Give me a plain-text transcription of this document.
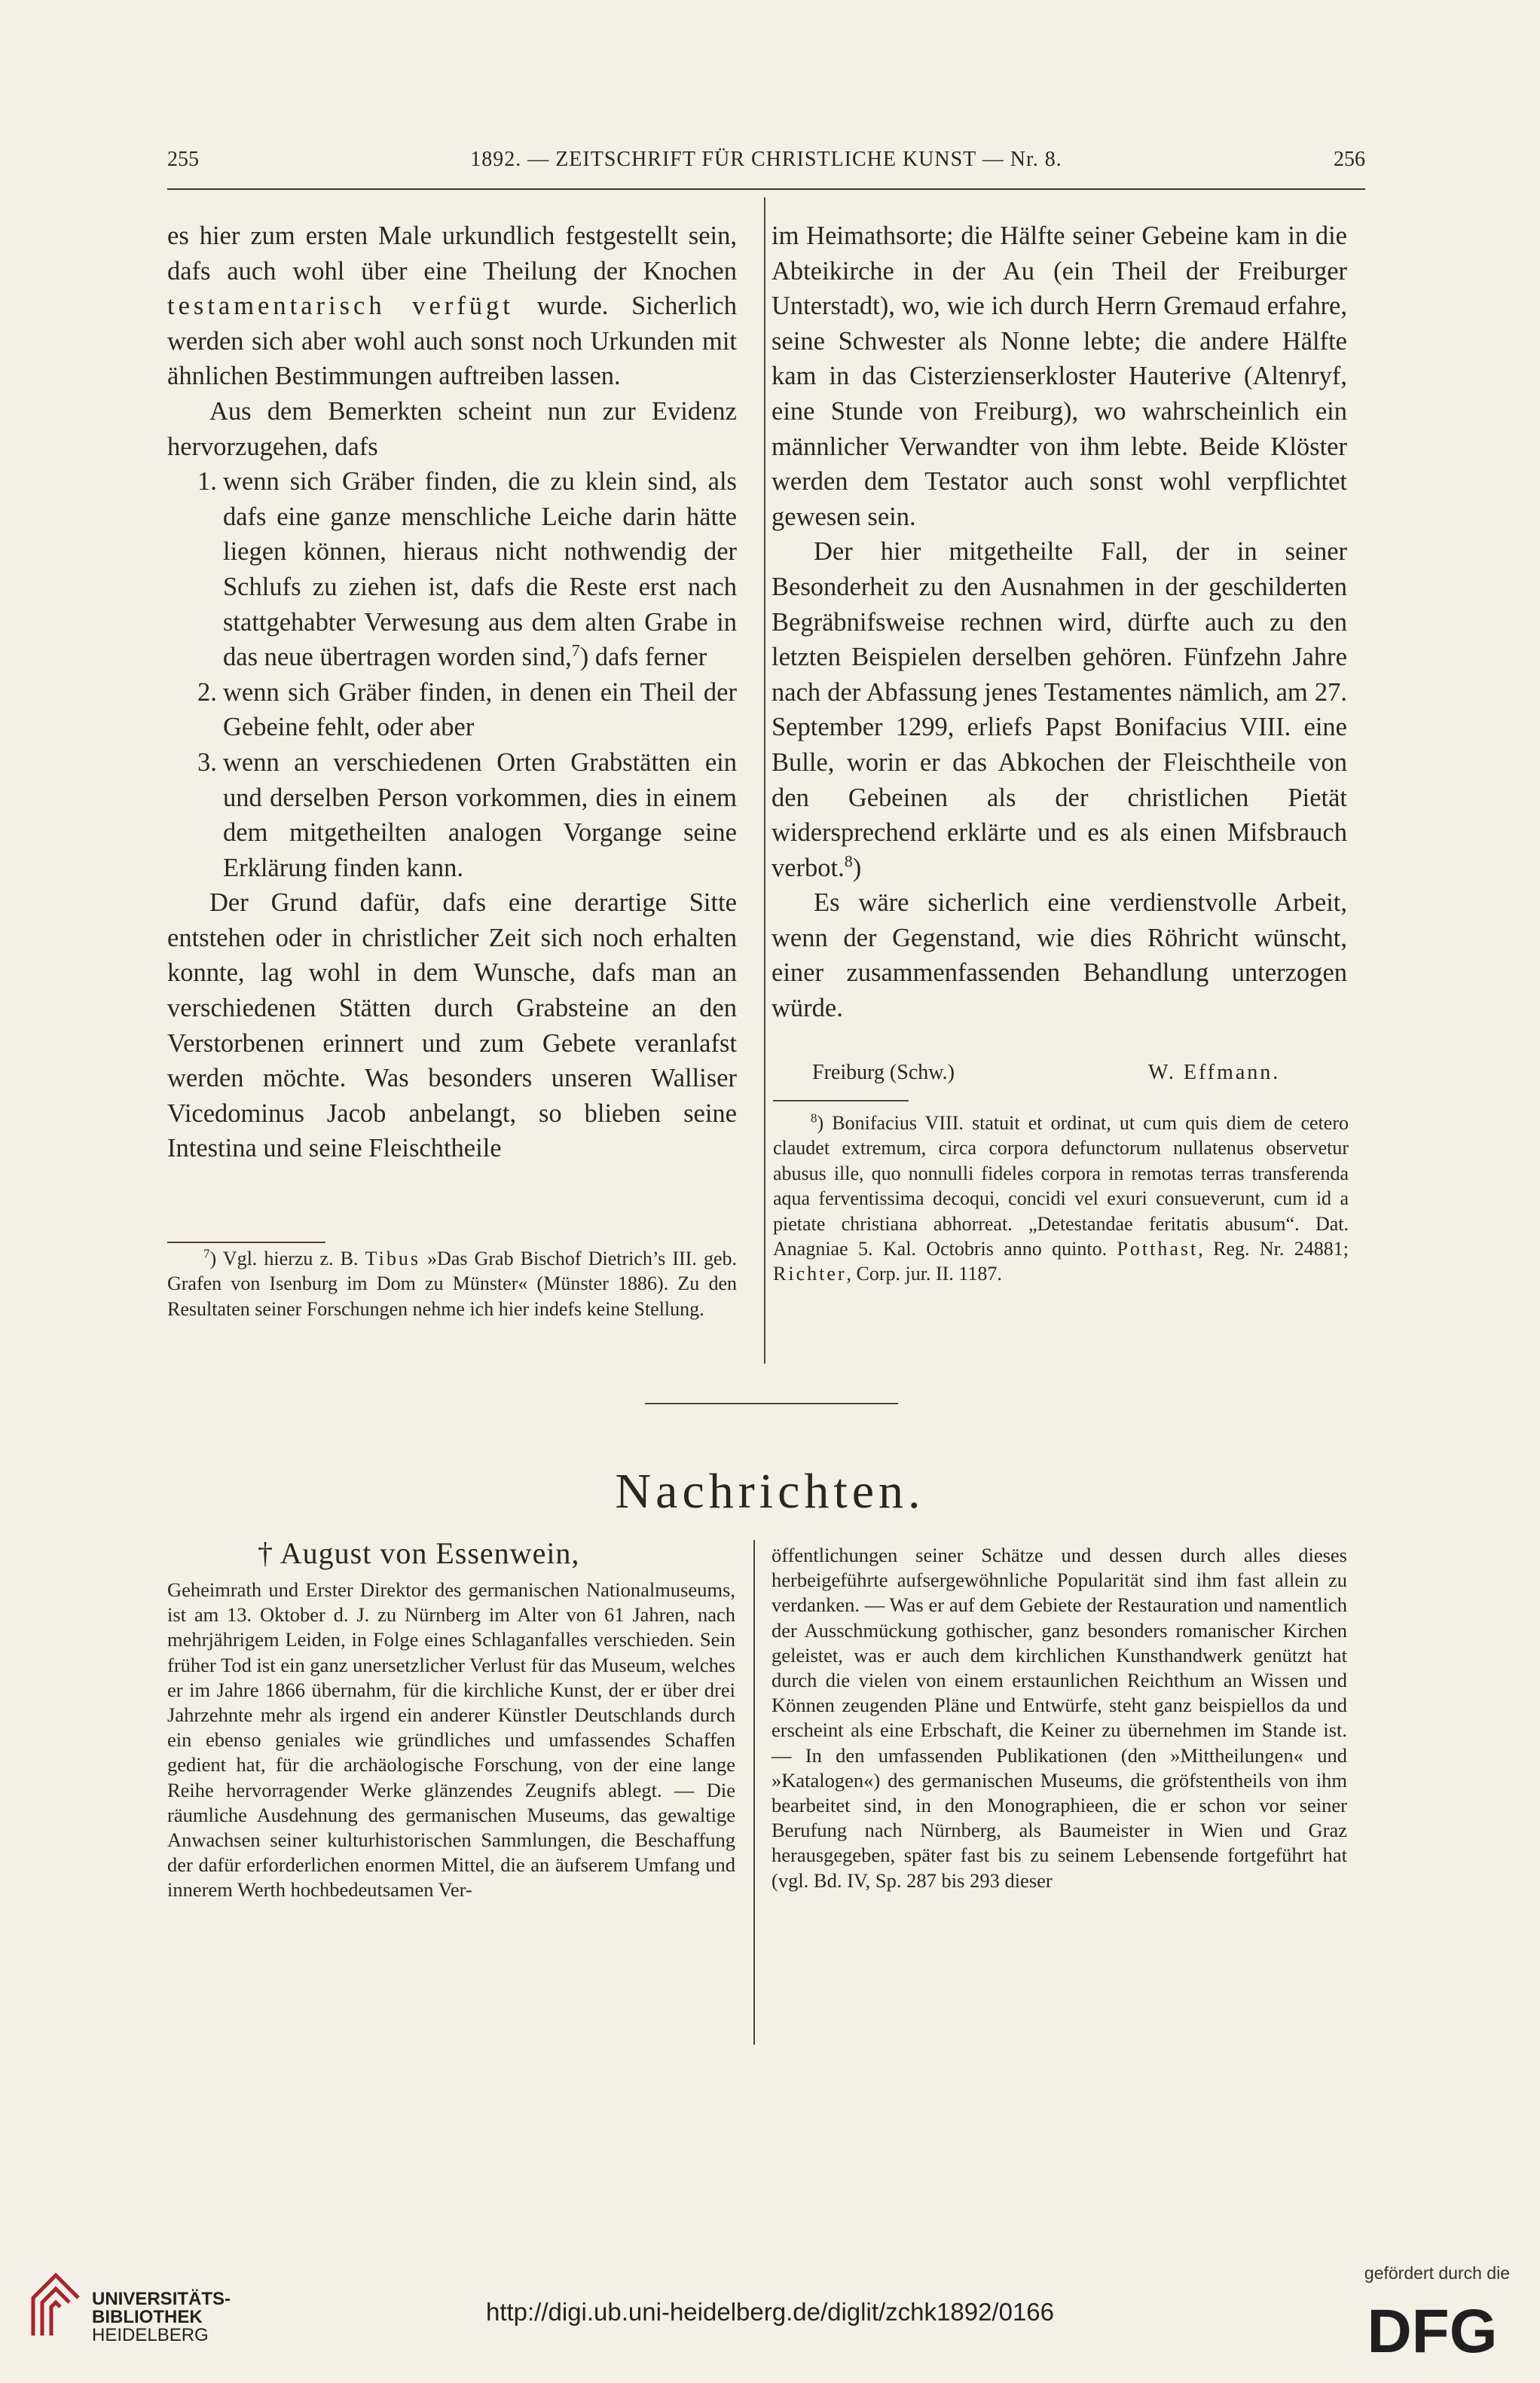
255	1892. — ZEITSCHRIFT FÜR CHRISTLICHE KUNST — Nr. 8.	256

es hier zum ersten Male urkundlich festgestellt sein, dafs auch wohl über eine Theilung der Knochen testamentarisch verfügt wurde. Sicherlich werden sich aber wohl auch sonst noch Urkunden mit ähnlichen Bestimmungen auftreiben lassen.

Aus dem Bemerkten scheint nun zur Evidenz hervorzugehen, dafs

1. wenn sich Gräber finden, die zu klein sind, als dafs eine ganze menschliche Leiche darin hätte liegen können, hieraus nicht nothwendig der Schlufs zu ziehen ist, dafs die Reste erst nach stattgehabter Verwesung aus dem alten Grabe in das neue übertragen worden sind,$^7$) dafs ferner
2. wenn sich Gräber finden, in denen ein Theil der Gebeine fehlt, oder aber
3. wenn an verschiedenen Orten Grabstätten ein und derselben Person vorkommen, dies in einem dem mitgetheilten analogen Vorgange seine Erklärung finden kann.

Der Grund dafür, dafs eine derartige Sitte entstehen oder in christlicher Zeit sich noch erhalten konnte, lag wohl in dem Wunsche, dafs man an verschiedenen Stätten durch Grabsteine an den Verstorbenen erinnert und zum Gebete veranlafst werden möchte. Was besonders unseren Walliser Vicedominus Jacob anbelangt, so blieben seine Intestina und seine Fleischtheile

$^7$) Vgl. hierzu z. B. Tibus »Das Grab Bischof Dietrich’s III. geb. Grafen von Isenburg im Dom zu Münster« (Münster 1886). Zu den Resultaten seiner Forschungen nehme ich hier indefs keine Stellung.

im Heimathsorte; die Hälfte seiner Gebeine kam in die Abteikirche in der Au (ein Theil der Freiburger Unterstadt), wo, wie ich durch Herrn Gremaud erfahre, seine Schwester als Nonne lebte; die andere Hälfte kam in das Cisterzienserkloster Hauterive (Altenryf, eine Stunde von Freiburg), wo wahrscheinlich ein männlicher Verwandter von ihm lebte. Beide Klöster werden dem Testator auch sonst wohl verpflichtet gewesen sein.

Der hier mitgetheilte Fall, der in seiner Besonderheit zu den Ausnahmen in der geschilderten Begräbnifsweise rechnen wird, dürfte auch zu den letzten Beispielen derselben gehören. Fünfzehn Jahre nach der Abfassung jenes Testamentes nämlich, am 27. September 1299, erliefs Papst Bonifacius VIII. eine Bulle, worin er das Abkochen der Fleischtheile von den Gebeinen als der christlichen Pietät widersprechend erklärte und es als einen Mifsbrauch verbot.$^8$)

Es wäre sicherlich eine verdienstvolle Arbeit, wenn der Gegenstand, wie dies Röhricht wünscht, einer zusammenfassenden Behandlung unterzogen würde.

Freiburg (Schw.)	W. Effmann.

$^8$) Bonifacius VIII. statuit et ordinat, ut cum quis diem de cetero claudet extremum, circa corpora defunctorum nullatenus observetur abusus ille, quo nonnulli fideles corpora in remotas terras transferenda aqua ferventissima decoqui, concidi vel exuri consueverunt, cum id a pietate christiana abhorreat. „Detestandae feritatis abusum“. Dat. Anagniae 5. Kal. Octobris anno quinto. Potthast, Reg. Nr. 24881; Richter, Corp. jur. II. 1187.

Nachrichten.
† August von Essenwein,

Geheimrath und Erster Direktor des germanischen Nationalmuseums, ist am 13. Oktober d. J. zu Nürnberg im Alter von 61 Jahren, nach mehrjährigem Leiden, in Folge eines Schlaganfalles verschieden. Sein früher Tod ist ein ganz unersetzlicher Verlust für das Museum, welches er im Jahre 1866 übernahm, für die kirchliche Kunst, der er über drei Jahrzehnte mehr als irgend ein anderer Künstler Deutschlands durch ein ebenso geniales wie gründliches und umfassendes Schaffen gedient hat, für die archäologische Forschung, von der eine lange Reihe hervorragender Werke glänzendes Zeugnifs ablegt. — Die räumliche Ausdehnung des germanischen Museums, das gewaltige Anwachsen seiner kulturhistorischen Sammlungen, die Beschaffung der dafür erforderlichen enormen Mittel, die an äufserem Umfang und innerem Werth hochbedeutsamen Ver-

öffentlichungen seiner Schätze und dessen durch alles dieses herbeigeführte aufsergewöhnliche Popularität sind ihm fast allein zu verdanken. — Was er auf dem Gebiete der Restauration und namentlich der Ausschmückung gothischer, ganz besonders romanischer Kirchen geleistet, was er auch dem kirchlichen Kunsthandwerk genützt hat durch die vielen von einem erstaunlichen Reichthum an Wissen und Können zeugenden Pläne und Entwürfe, steht ganz beispiellos da und erscheint als eine Erbschaft, die Keiner zu übernehmen im Stande ist. — In den umfassenden Publikationen (den »Mittheilungen« und »Katalogen«) des germanischen Museums, die gröfstentheils von ihm bearbeitet sind, in den Monographieen, die er schon vor seiner Berufung nach Nürnberg, als Baumeister in Wien und Graz herausgegeben, später fast bis zu seinem Lebensende fortgeführt hat (vgl. Bd. IV, Sp. 287 bis 293 dieser

UNIVERSITÄTS-
BIBLIOTHEK
HEIDELBERG
http://digi.ub.uni-heidelberg.de/diglit/zchk1892/0166
gefördert durch die
DFG
